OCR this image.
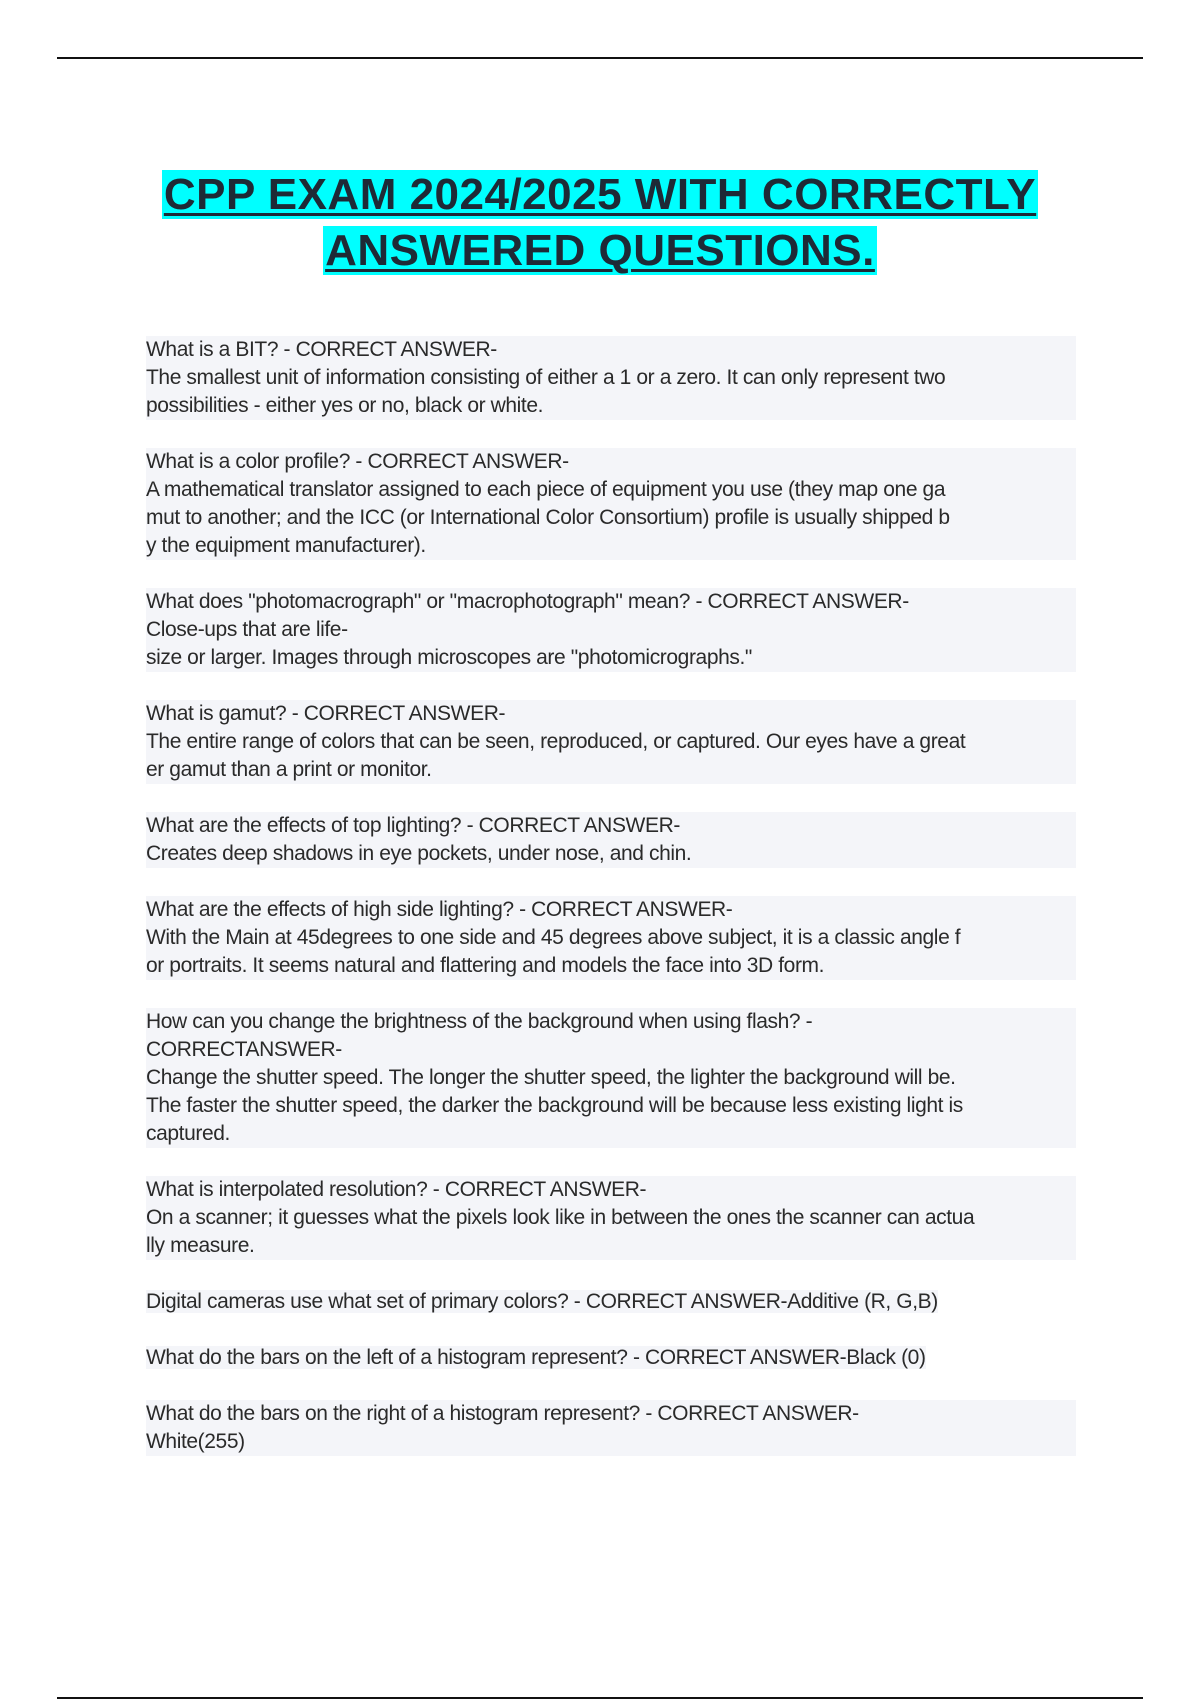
CPP EXAM 2024/2025 WITH CORRECTLY
ANSWERED QUESTIONS.
What is a BIT? - CORRECT ANSWER-
The smallest unit of information consisting of either a 1 or a zero. It can only represent two
possibilities - either yes or no, black or white.
What is a color profile? - CORRECT ANSWER-
A mathematical translator assigned to each piece of equipment you use (they map one ga
mut to another; and the ICC (or International Color Consortium) profile is usually shipped b
y the equipment manufacturer).
What does "photomacrograph" or "macrophotograph" mean? - CORRECT ANSWER-
Close-ups that are life-
size or larger. Images through microscopes are "photomicrographs."
What is gamut? - CORRECT ANSWER-
The entire range of colors that can be seen, reproduced, or captured. Our eyes have a great
er gamut than a print or monitor.
What are the effects of top lighting? - CORRECT ANSWER-
Creates deep shadows in eye pockets, under nose, and chin.
What are the effects of high side lighting? - CORRECT ANSWER-
With the Main at 45degrees to one side and 45 degrees above subject, it is a classic angle f
or portraits. It seems natural and flattering and models the face into 3D form.
How can you change the brightness of the background when using flash? -
CORRECTANSWER-
Change the shutter speed. The longer the shutter speed, the lighter the background will be.
The faster the shutter speed, the darker the background will be because less existing light is
captured.
What is interpolated resolution? - CORRECT ANSWER-
On a scanner; it guesses what the pixels look like in between the ones the scanner can actua
lly measure.
Digital cameras use what set of primary colors? - CORRECT ANSWER-Additive (R, G,B)
What do the bars on the left of a histogram represent? - CORRECT ANSWER-Black (0)
What do the bars on the right of a histogram represent? - CORRECT ANSWER-
White(255)
